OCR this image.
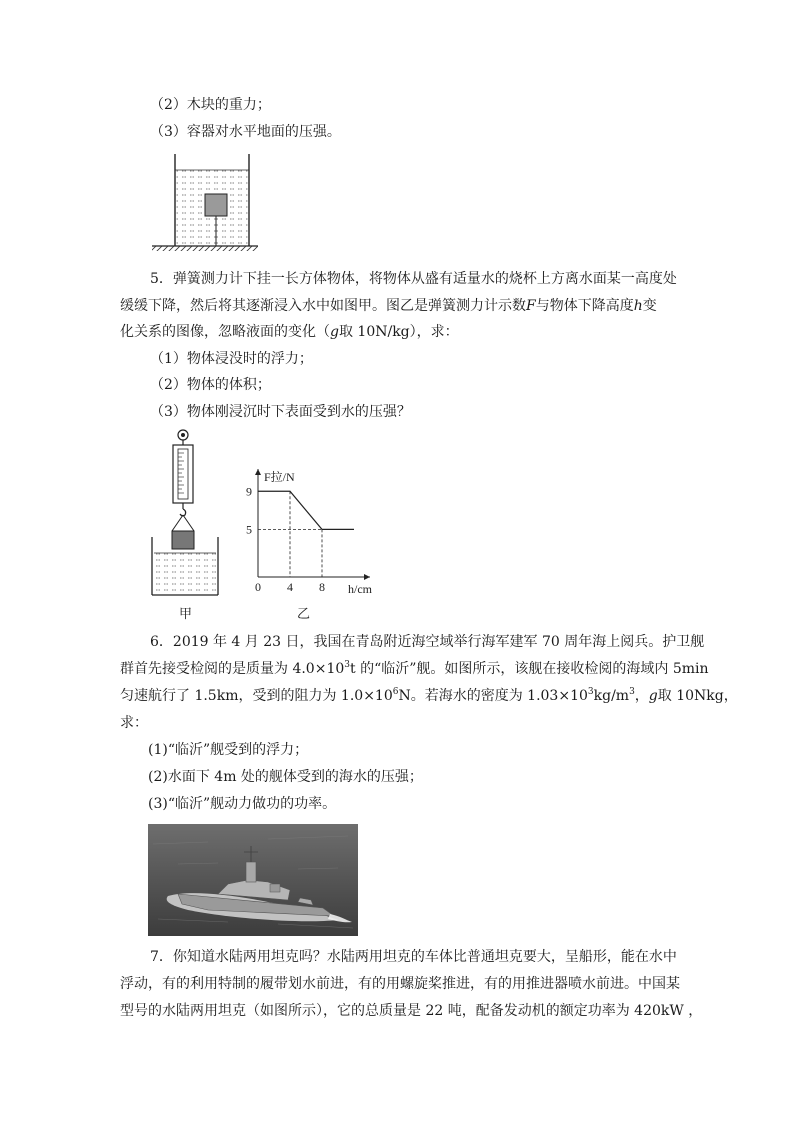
（2）木块的重力；
（3）容器对水平地面的压强。
5．弹簧测力计下挂一长方体物体，将物体从盛有适量水的烧杯上方离水面某一高度处
缓缓下降，然后将其逐渐浸入水中如图甲。图乙是弹簧测力计示数F与物体下降高度h变
化关系的图像，忽略液面的变化（g取 10N/kg），求：
（1）物体浸没时的浮力；
（2）物体的体积；
（3）物体刚浸沉时下表面受到水的压强？
甲
F拉/N
h/cm
0 4 8
9
5
乙
6．2019 年 4 月 23 日，我国在青岛附近海空域举行海军建军 70 周年海上阅兵。护卫舰
群首先接受检阅的是质量为 $4.0\times 10^3t$ 的“临沂”舰。如图所示，该舰在接收检阅的海域内 5min
匀速航行了 1.5km，受到的阻力为 $1.0\times 10^6N$。若海水的密度为 $1.03\times 10^3kg/m^3$，g取 10Nkg，
求：
(1)“临沂”舰受到的浮力；
(2)水面下 4m 处的舰体受到的海水的压强；
(3)“临沂”舰动力做功的功率。
7．你知道水陆两用坦克吗？水陆两用坦克的车体比普通坦克要大，呈船形，能在水中
浮动，有的利用特制的履带划水前进，有的用螺旋桨推进，有的用推进器喷水前进。中国某
型号的水陆两用坦克（如图所示），它的总质量是 22 吨，配备发动机的额定功率为 420kW ，
